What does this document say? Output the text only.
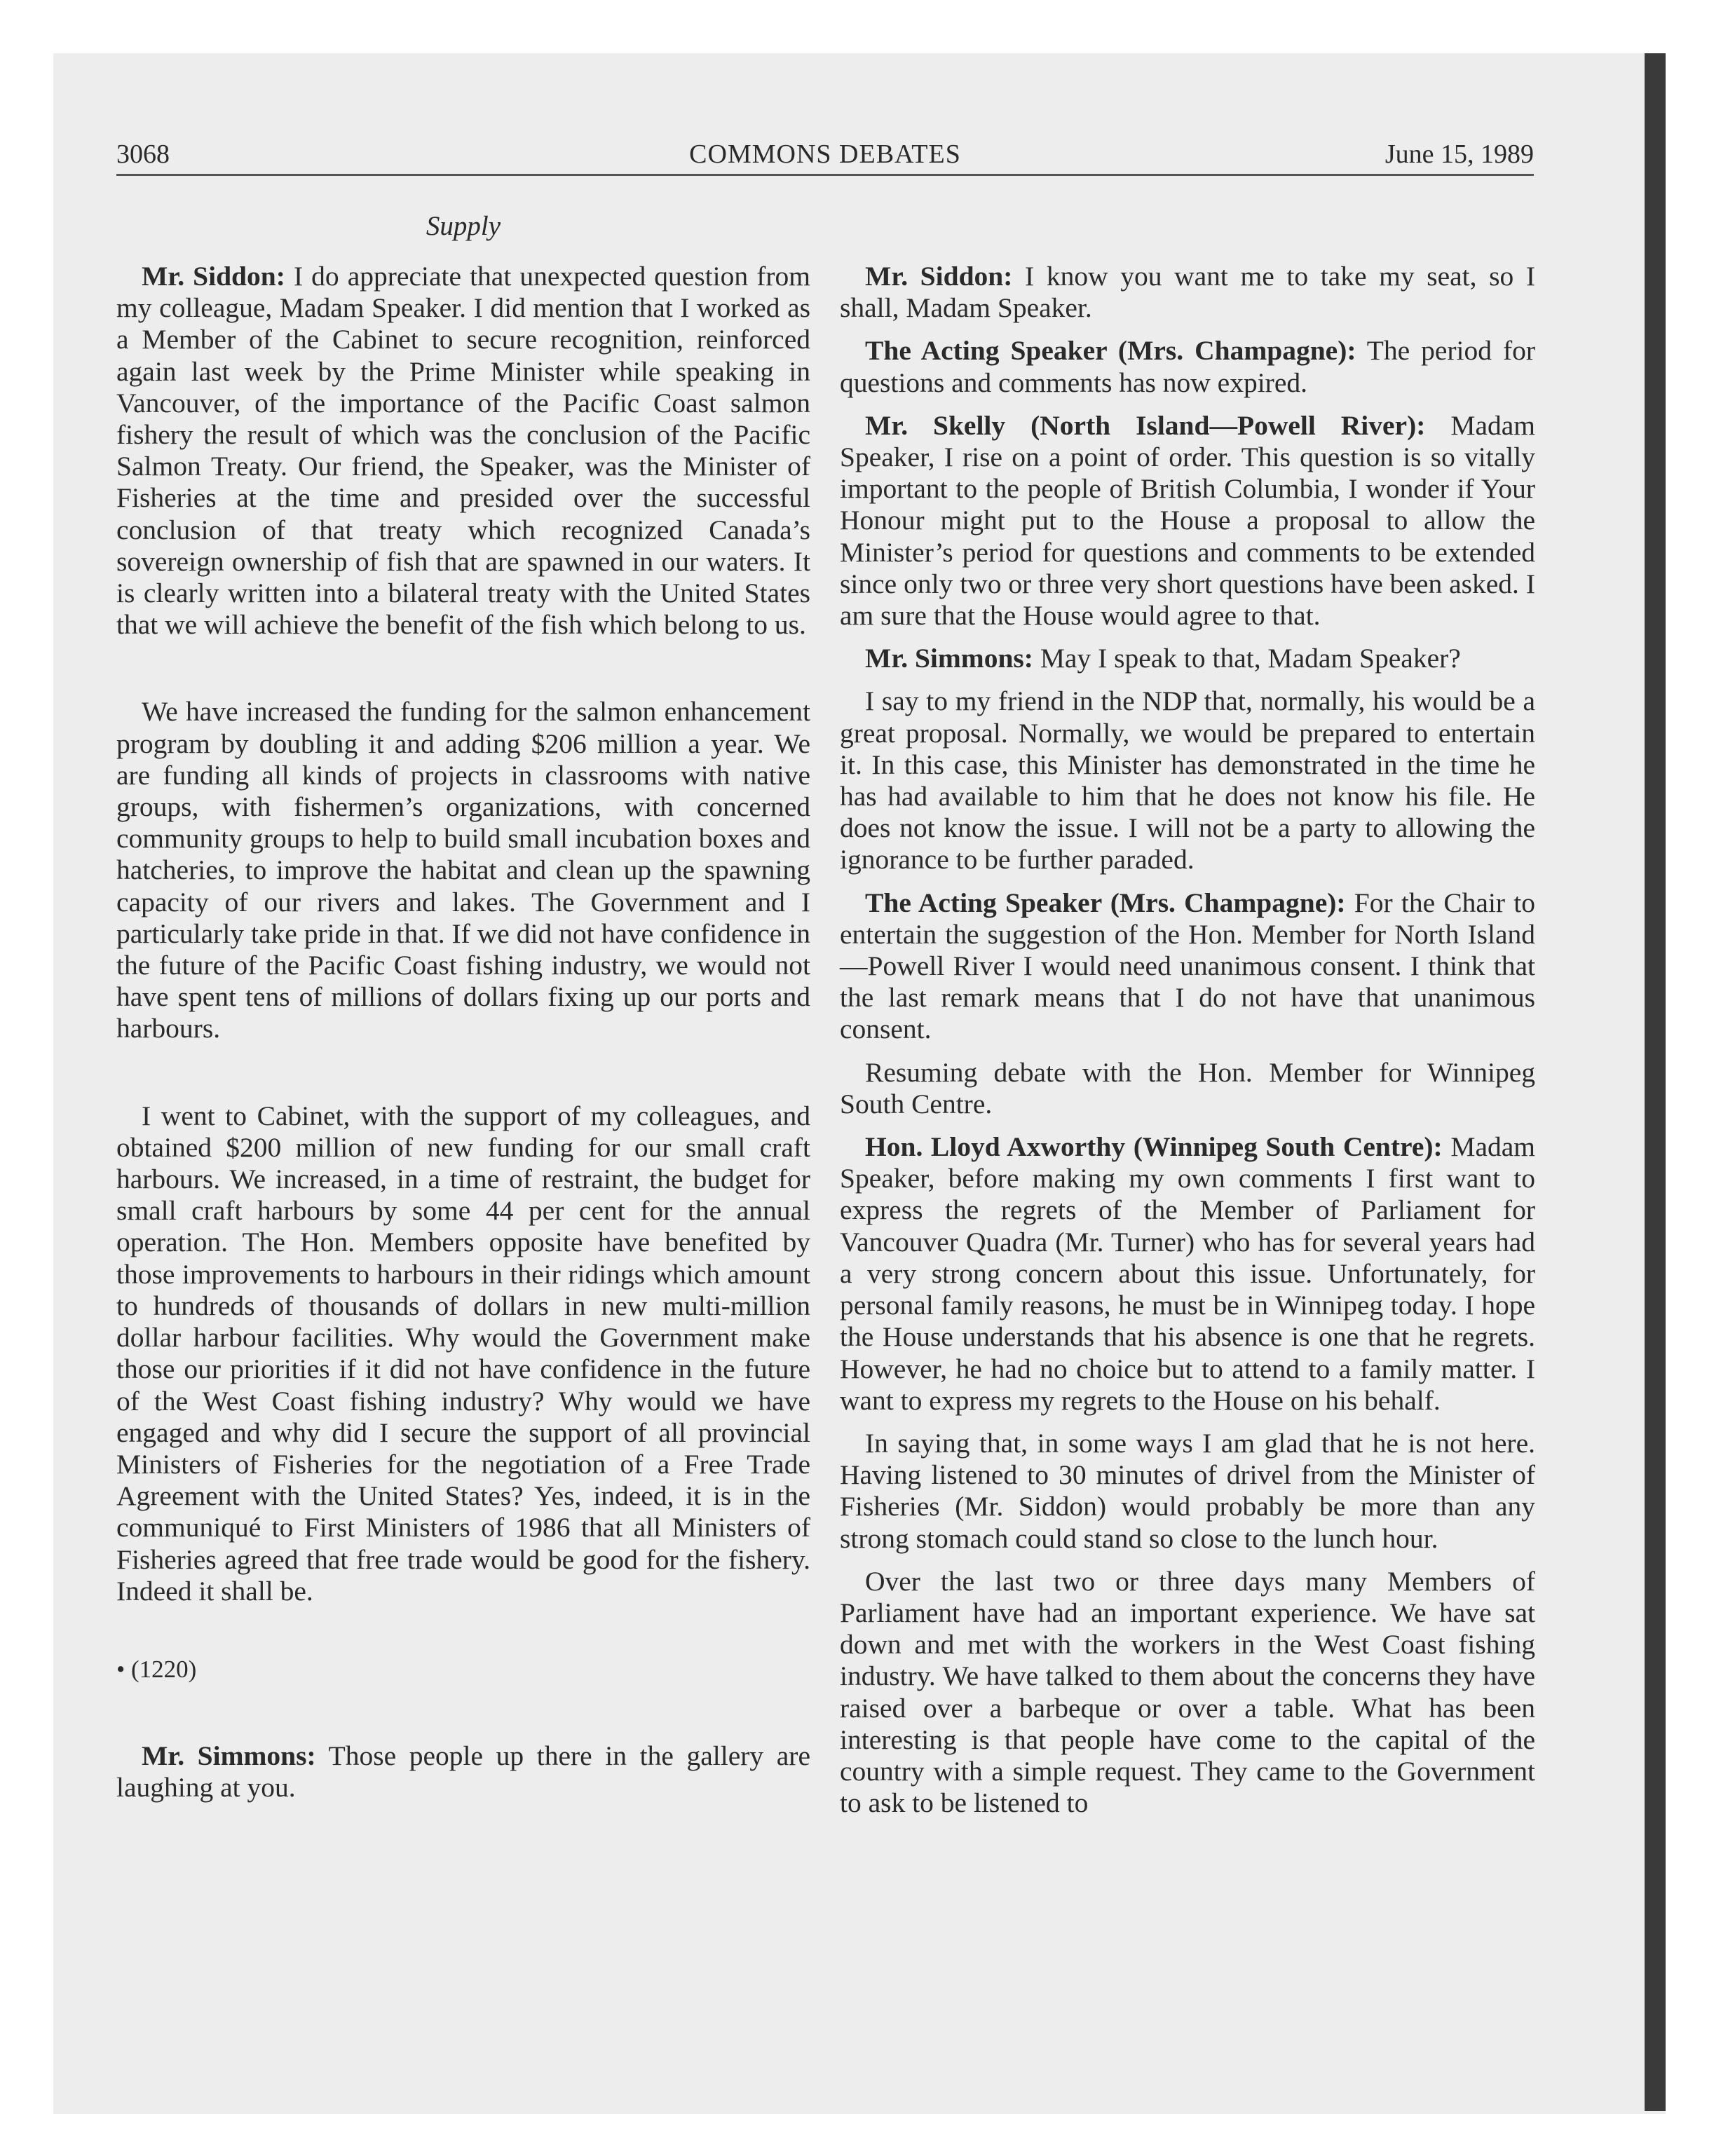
3068	COMMONS DEBATES	June 15, 1989
Supply

Mr. Siddon: I do appreciate that unexpected question from my colleague, Madam Speaker. I did mention that I worked as a Member of the Cabinet to secure recognition, reinforced again last week by the Prime Minister while speaking in Vancouver, of the importance of the Pacific Coast salmon fishery the result of which was the conclusion of the Pacific Salmon Treaty. Our friend, the Speaker, was the Minister of Fisheries at the time and presided over the successful conclusion of that treaty which recognized Canada’s sovereign ownership of fish that are spawned in our waters. It is clearly written into a bilateral treaty with the United States that we will achieve the benefit of the fish which belong to us.

We have increased the funding for the salmon enhancement program by doubling it and adding $206 million a year. We are funding all kinds of projects in classrooms with native groups, with fishermen’s organizations, with concerned community groups to help to build small incubation boxes and hatcheries, to improve the habitat and clean up the spawning capacity of our rivers and lakes. The Government and I particularly take pride in that. If we did not have confidence in the future of the Pacific Coast fishing industry, we would not have spent tens of millions of dollars fixing up our ports and harbours.

I went to Cabinet, with the support of my colleagues, and obtained $200 million of new funding for our small craft harbours. We increased, in a time of restraint, the budget for small craft harbours by some 44 per cent for the annual operation. The Hon. Members opposite have benefited by those improvements to harbours in their ridings which amount to hundreds of thousands of dollars in new multi-million dollar harbour facilities. Why would the Government make those our priorities if it did not have confidence in the future of the West Coast fishing industry? Why would we have engaged and why did I secure the support of all provincial Ministers of Fisheries for the negotiation of a Free Trade Agreement with the United States? Yes, indeed, it is in the communiqué to First Ministers of 1986 that all Ministers of Fisheries agreed that free trade would be good for the fishery. Indeed it shall be.

• (1220)

Mr. Simmons: Those people up there in the gallery are laughing at you.

Mr. Siddon: I know you want me to take my seat, so I shall, Madam Speaker.

The Acting Speaker (Mrs. Champagne): The period for questions and comments has now expired.

Mr. Skelly (North Island—Powell River): Madam Speaker, I rise on a point of order. This question is so vitally important to the people of British Columbia, I wonder if Your Honour might put to the House a proposal to allow the Minister’s period for questions and comments to be extended since only two or three very short questions have been asked. I am sure that the House would agree to that.

Mr. Simmons: May I speak to that, Madam Speaker?

I say to my friend in the NDP that, normally, his would be a great proposal. Normally, we would be prepared to entertain it. In this case, this Minister has demonstrated in the time he has had available to him that he does not know his file. He does not know the issue. I will not be a party to allowing the ignorance to be further paraded.

The Acting Speaker (Mrs. Champagne): For the Chair to entertain the suggestion of the Hon. Member for North Island—Powell River I would need unanimous consent. I think that the last remark means that I do not have that unanimous consent.

Resuming debate with the Hon. Member for Winnipeg South Centre.

Hon. Lloyd Axworthy (Winnipeg South Centre): Madam Speaker, before making my own comments I first want to express the regrets of the Member of Parliament for Vancouver Quadra (Mr. Turner) who has for several years had a very strong concern about this issue. Unfortunately, for personal family reasons, he must be in Winnipeg today. I hope the House understands that his absence is one that he regrets. However, he had no choice but to attend to a family matter. I want to express my regrets to the House on his behalf.

In saying that, in some ways I am glad that he is not here. Having listened to 30 minutes of drivel from the Minister of Fisheries (Mr. Siddon) would probably be more than any strong stomach could stand so close to the lunch hour.

Over the last two or three days many Members of Parliament have had an important experience. We have sat down and met with the workers in the West Coast fishing industry. We have talked to them about the concerns they have raised over a barbeque or over a table. What has been interesting is that people have come to the capital of the country with a simple request. They came to the Government to ask to be listened to
